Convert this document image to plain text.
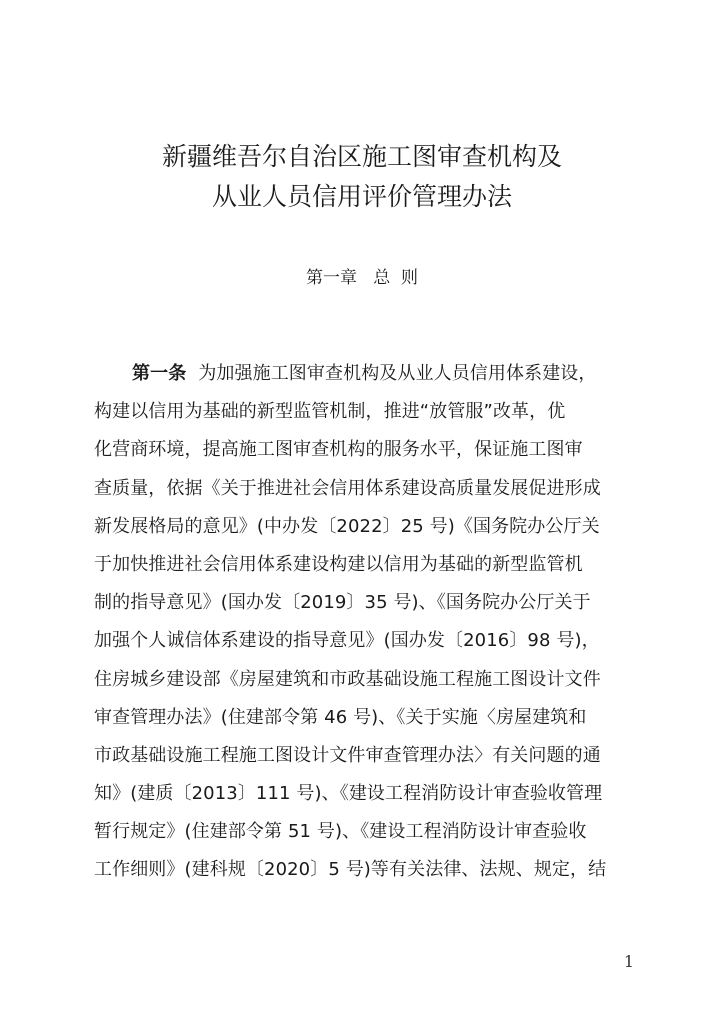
新疆维吾尔自治区施工图审查机构及
从业人员信用评价管理办法
第一章   总  则
第一条 为加强施工图审查机构及从业人员信用体系建设，
构建以信用为基础的新型监管机制，推进“放管服”改革，优
化营商环境，提高施工图审查机构的服务水平，保证施工图审
查质量，依据《关于推进社会信用体系建设高质量发展促进形成
新发展格局的意见》(中办发〔2022〕25 号)《国务院办公厅关
于加快推进社会信用体系建设构建以信用为基础的新型监管机
制的指导意见》(国办发〔2019〕35 号)、《国务院办公厅关于
加强个人诚信体系建设的指导意见》(国办发〔2016〕98 号)，
住房城乡建设部《房屋建筑和市政基础设施工程施工图设计文件
审查管理办法》(住建部令第 46 号)、《关于实施〈房屋建筑和
市政基础设施工程施工图设计文件审查管理办法〉有关问题的通
知》(建质〔2013〕111 号)、《建设工程消防设计审查验收管理
暂行规定》(住建部令第 51 号)、《建设工程消防设计审查验收
工作细则》(建科规〔2020〕5 号)等有关法律、法规、规定，结
1
